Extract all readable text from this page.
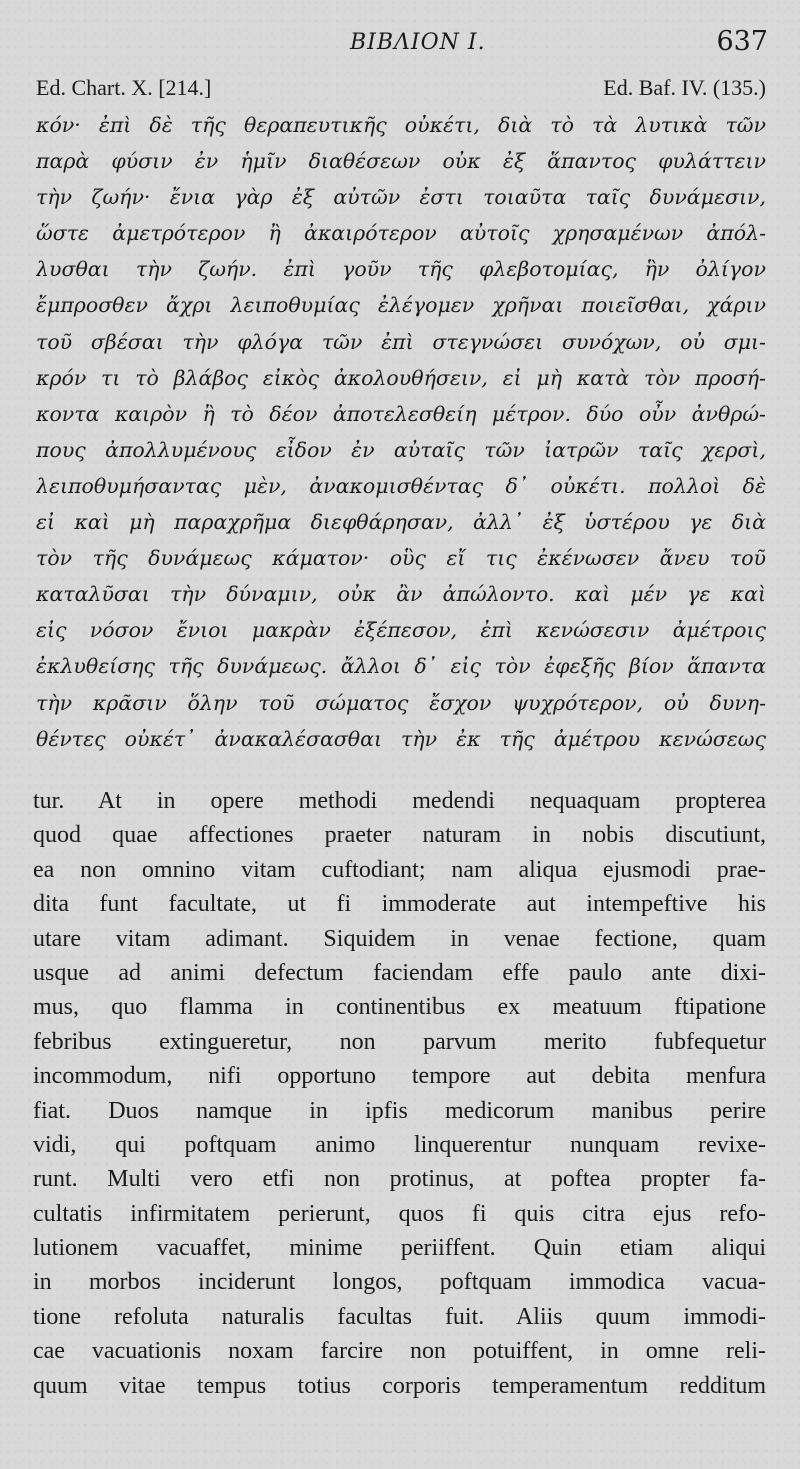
ΒΙΒΛΙΟΝ Ι.	637
Ed. Chart. X. [214.]	Ed. Baf. IV. (135.)
κόν· ἐπὶ δὲ τῆς θεραπευτικῆς οὐκέτι, διὰ τὸ τὰ λυτικὰ τῶν
παρὰ φύσιν ἐν ἡμῖν διαθέσεων οὐκ ἐξ ἅπαντος φυλάττειν
τὴν ζωήν· ἔνια γὰρ ἐξ αὐτῶν ἐστι τοιαῦτα ταῖς δυνάμεσιν,
ὥστε ἀμετρότερον ἢ ἀκαιρότερον αὐτοῖς χρησαμένων ἀπόλ-
λυσθαι τὴν ζωήν. ἐπὶ γοῦν τῆς φλεβοτομίας, ἣν ὀλίγον
ἔμπροσθεν ἄχρι λειποθυμίας ἐλέγομεν χρῆναι ποιεῖσθαι, χάριν
τοῦ σβέσαι τὴν φλόγα τῶν ἐπὶ στεγνώσει συνόχων, οὐ σμι-
κρόν τι τὸ βλάβος εἰκὸς ἀκολουθήσειν, εἰ μὴ κατὰ τὸν προσή-
κοντα καιρὸν ἢ τὸ δέον ἀποτελεσθείη μέτρον. δύο οὖν ἀνθρώ-
πους ἀπολλυμένους εἶδον ἐν αὐταῖς τῶν ἰατρῶν ταῖς χερσὶ,
λειποθυμήσαντας μὲν, ἀνακομισθέντας δ᾽ οὐκέτι. πολλοὶ δὲ
εἰ καὶ μὴ παραχρῆμα διεφθάρησαν, ἀλλ᾽ ἐξ ὑστέρου γε διὰ
τὸν τῆς δυνάμεως κάματον· οὓς εἴ τις ἐκένωσεν ἄνευ τοῦ
καταλῦσαι τὴν δύναμιν, οὐκ ἂν ἀπώλοντο. καὶ μέν γε καὶ
εἰς νόσον ἔνιοι μακρὰν ἐξέπεσον, ἐπὶ κενώσεσιν ἀμέτροις
ἐκλυθείσης τῆς δυνάμεως. ἄλλοι δ᾽ εἰς τὸν ἐφεξῆς βίον ἅπαντα
τὴν κρᾶσιν ὅλην τοῦ σώματος ἔσχον ψυχρότερον, οὐ δυνη-
θέντες οὐκέτ᾽ ἀνακαλέσασθαι τὴν ἐκ τῆς ἀμέτρου κενώσεως
tur. At in opere methodi medendi nequaquam propterea
quod quae affectiones praeter naturam in nobis discutiunt,
ea non omnino vitam cuftodiant; nam aliqua ejusmodi prae-
dita funt facultate, ut fi immoderate aut intempeftive his
utare vitam adimant. Siquidem in venae fectione, quam
usque ad animi defectum faciendam effe paulo ante dixi-
mus, quo flamma in continentibus ex meatuum ftipatione
febribus extingueretur, non parvum merito fubfequetur
incommodum, nifi opportuno tempore aut debita menfura
fiat. Duos namque in ipfis medicorum manibus perire
vidi, qui poftquam animo linquerentur nunquam revixe-
runt. Multi vero etfi non protinus, at poftea propter fa-
cultatis infirmitatem perierunt, quos fi quis citra ejus refo-
lutionem vacuaffet, minime periiffent. Quin etiam aliqui
in morbos inciderunt longos, poftquam immodica vacua-
tione refoluta naturalis facultas fuit. Aliis quum immodi-
cae vacuationis noxam farcire non potuiffent, in omne reli-
quum vitae tempus totius corporis temperamentum redditum
